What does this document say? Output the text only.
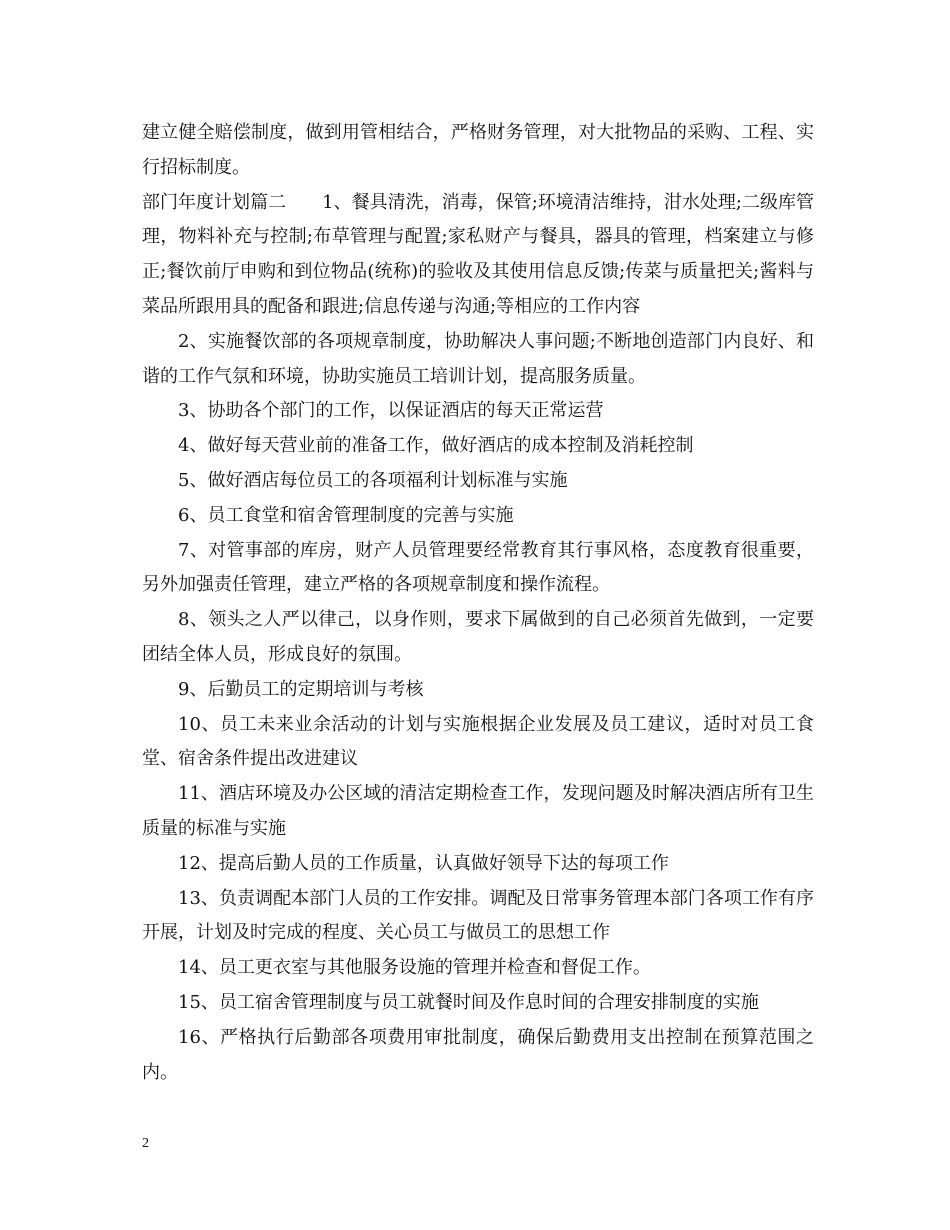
建立健全赔偿制度，做到用管相结合，严格财务管理，对大批物品的采购、工程、实行招标制度。

部门年度计划篇二　　1、餐具清洗，消毒，保管;环境清洁维持，泔水处理;二级库管理，物料补充与控制;布草管理与配置;家私财产与餐具，器具的管理，档案建立与修正;餐饮前厅申购和到位物品(统称)的验收及其使用信息反馈;传菜与质量把关;酱料与菜品所跟用具的配备和跟进;信息传递与沟通;等相应的工作内容

2、实施餐饮部的各项规章制度，协助解决人事问题;不断地创造部门内良好、和谐的工作气氛和环境，协助实施员工培训计划，提高服务质量。

3、协助各个部门的工作，以保证酒店的每天正常运营

4、做好每天营业前的准备工作，做好酒店的成本控制及消耗控制

5、做好酒店每位员工的各项福利计划标准与实施

6、员工食堂和宿舍管理制度的完善与实施

7、对管事部的库房，财产人员管理要经常教育其行事风格，态度教育很重要，另外加强责任管理，建立严格的各项规章制度和操作流程。

8、领头之人严以律己，以身作则，要求下属做到的自己必须首先做到，一定要团结全体人员，形成良好的氛围。

9、后勤员工的定期培训与考核

10、员工未来业余活动的计划与实施根据企业发展及员工建议，适时对员工食堂、宿舍条件提出改进建议

11、酒店环境及办公区域的清洁定期检查工作，发现问题及时解决酒店所有卫生质量的标准与实施

12、提高后勤人员的工作质量，认真做好领导下达的每项工作

13、负责调配本部门人员的工作安排。调配及日常事务管理本部门各项工作有序开展，计划及时完成的程度、关心员工与做员工的思想工作

14、员工更衣室与其他服务设施的管理并检查和督促工作。

15、员工宿舍管理制度与员工就餐时间及作息时间的合理安排制度的实施

16、严格执行后勤部各项费用审批制度，确保后勤费用支出控制在预算范围之内。

2
